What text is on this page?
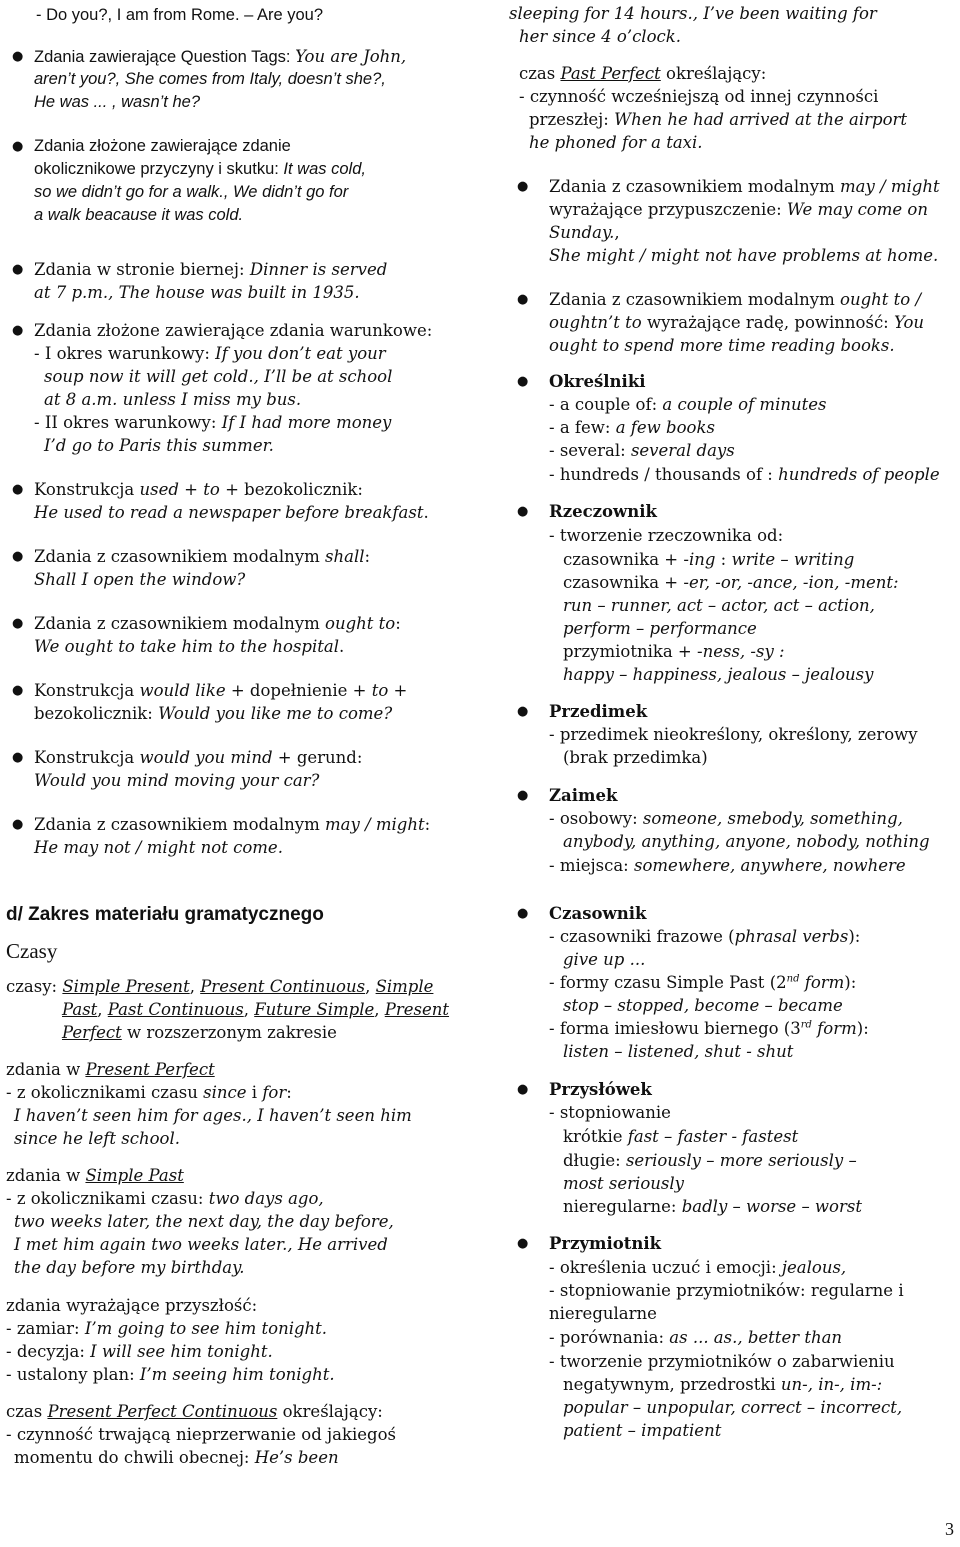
- Do you?, I am from Rome. – Are you?
● Zdania zawierające Question Tags: You are John,
aren’t you?, She comes from Italy, doesn’t she?,
He was ... , wasn’t he?
● Zdania złożone zawierające zdanie
okolicznikowe przyczyny i skutku: It was cold,
so we didn’t go for a walk., We didn’t go for
a walk beacause it was cold.
● Zdania w stronie biernej: Dinner is served
at 7 p.m., The house was built in 1935.
● Zdania złożone zawierające zdania warunkowe:
- I okres warunkowy: If you don’t eat your
soup now it will get cold., I’ll be at school
at 8 a.m. unless I miss my bus.
- II okres warunkowy: If I had more money
I’d go to Paris this summer.
● Konstrukcja used + to + bezokolicznik:
He used to read a newspaper before breakfast.
● Zdania z czasownikiem modalnym shall:
Shall I open the window?
● Zdania z czasownikiem modalnym ought to:
We ought to take him to the hospital.
● Konstrukcja would like + dopełnienie + to +
bezokolicznik: Would you like me to come?
● Konstrukcja would you mind + gerund:
Would you mind moving your car?
● Zdania z czasownikiem modalnym may / might:
He may not / might not come.
d/ Zakres materiału gramatycznego
Czasy
czasy: Simple Present, Present Continuous, Simple
Past, Past Continuous, Future Simple, Present
Perfect w rozszerzonym zakresie
zdania w Present Perfect
- z okolicznikami czasu since i for:
I haven’t seen him for ages., I haven’t seen him
since he left school.
zdania w Simple Past
- z okolicznikami czasu: two days ago,
two weeks later, the next day, the day before,
I met him again two weeks later., He arrived
the day before my birthday.
zdania wyrażające przyszłość:
- zamiar: I’m going to see him tonight.
- decyzja: I will see him tonight.
- ustalony plan: I’m seeing him tonight.
czas Present Perfect Continuous określający:
- czynność trwającą nieprzerwanie od jakiegoś
momentu do chwili obecnej: He’s been
sleeping for 14 hours., I’ve been waiting for
her since 4 o’clock.
czas Past Perfect określający:
- czynność wcześniejszą od innej czynności
przeszłej: When he had arrived at the airport
he phoned for a taxi.
● Zdania z czasownikiem modalnym may / might
wyrażające przypuszczenie: We may come on
Sunday.,
She might / might not have problems at home.
● Zdania z czasownikiem modalnym ought to /
oughtn’t to wyrażające radę, powinność: You
ought to spend more time reading books.
● Określniki
- a couple of: a couple of minutes
- a few: a few books
- several: several days
- hundreds / thousands of : hundreds of people
● Rzeczownik
- tworzenie rzeczownika od:
czasownika + -ing : write – writing
czasownika + -er, -or, -ance, -ion, -ment:
run – runner, act – actor, act – action,
perform – performance
przymiotnika + -ness, -sy :
happy – happiness, jealous – jealousy
● Przedimek
- przedimek nieokreślony, określony, zerowy
(brak przedimka)
● Zaimek
- osobowy: someone, smebody, something,
anybody, anything, anyone, nobody, nothing
- miejsca: somewhere, anywhere, nowhere
● Czasownik
- czasowniki frazowe (phrasal verbs):
give up ...
- formy czasu Simple Past (2nd form):
stop – stopped, become – became
- forma imiesłowu biernego (3rd form):
listen – listened, shut - shut
● Przysłówek
- stopniowanie
krótkie fast – faster - fastest
długie: seriously – more seriously –
most seriously
nieregularne: badly – worse – worst
● Przymiotnik
- określenia uczuć i emocji: jealous,
- stopniowanie przymiotników: regularne i
nieregularne
- porównania: as ... as., better than
- tworzenie przymiotników o zabarwieniu
negatywnym, przedrostki un-, in-, im-:
popular – unpopular, correct – incorrect,
patient – impatient
3
